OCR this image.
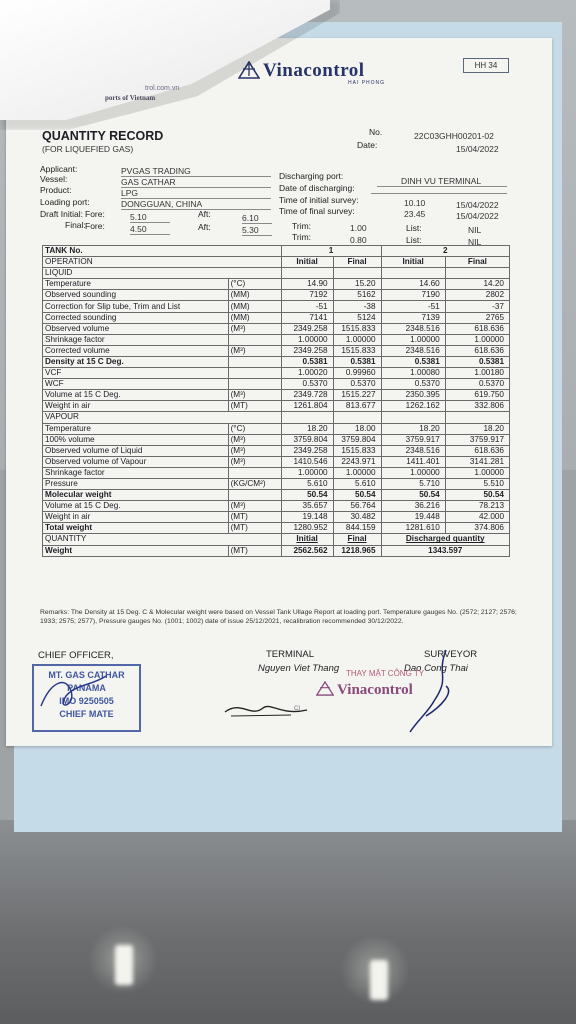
Vinacontrol
HAI PHONG
HH 34
QUANTITY RECORD
(FOR LIQUEFIED GAS)
No.	22C03GHH00201-02
Date:	15/04/2022
Applicant:	PVGAS TRADING
Vessel:	GAS CATHAR
Product:	LPG
Loading port:	DONGGUAN, CHINA
Draft Initial: Fore:	5.10	Aft:	6.10
Final: Fore:	4.50	Aft:	5.30
Discharging port:	DINH VU TERMINAL
Date of discharging:
Time of initial survey:	10.10	15/04/2022
Time of final survey:	23.45	15/04/2022
Trim:	1.00	List:	NIL
Trim:	0.80	List:	NIL
TANK No.		1		2	
OPERATION		Initial	Final	Initial	Final
LIQUID					
Temperature	(°C)	14.90	15.20	14.60	14.20
Observed sounding	(MM)	7192	5162	7190	2802
Correction for Slip tube, Trim and List	(MM)	-51	-38	-51	-37
Corrected sounding	(MM)	7141	5124	7139	2765
Observed volume	(M³)	2349.258	1515.833	2348.516	618.636
Shrinkage factor		1.00000	1.00000	1.00000	1.00000
Corrected volume	(M³)	2349.258	1515.833	2348.516	618.636
Density at 15 C Deg.		0.5381	0.5381	0.5381	0.5381
VCF		1.00020	0.99960	1.00080	1.00180
WCF		0.5370	0.5370	0.5370	0.5370
Volume at 15 C Deg.	(M³)	2349.728	1515.227	2350.395	619.750
Weight in air	(MT)	1261.804	813.677	1262.162	332.806
VAPOUR					
Temperature	(°C)	18.20	18.00	18.20	18.20
100% volume	(M³)	3759.804	3759.804	3759.917	3759.917
Observed volume of Liquid	(M³)	2349.258	1515.833	2348.516	618.636
Observed volume of Vapour	(M³)	1410.546	2243.971	1411.401	3141.281
Shrinkage factor		1.00000	1.00000	1.00000	1.00000
Pressure	(KG/CM²)	5.610	5.610	5.710	5.510
Molecular weight		50.54	50.54	50.54	50.54
Volume at 15 C Deg.	(M³)	35.657	56.764	36.216	78.213
Weight in air	(MT)	19.148	30.482	19.448	42.000
Total weight	(MT)	1280.952	844.159	1281.610	374.806
QUANTITY		Initial	Final	Discharged quantity	
Weight	(MT)	2562.562	1218.965	1343.597	
Remarks: The Density at 15 Deg. C & Molecular weight were based on Vessel Tank Ullage Report at loading port. Temperature gauges No. (2572; 2127; 2576; 1933; 2575; 2577), Pressure gauges No. (1001; 1002) date of issue 25/12/2021, recalibration recommended 30/12/2022.
CHIEF OFFICER,	TERMINAL
Nguyen Viet Thang
SURVEYOR
Dao Cong Thai
MT. GAS CATHAR
PANAMA
IMO 9250505
CHIEF MATE
THAY MẶT CÔNG TY
Vinacontrol
CI
trol.com.vn
ports of Vietnam
